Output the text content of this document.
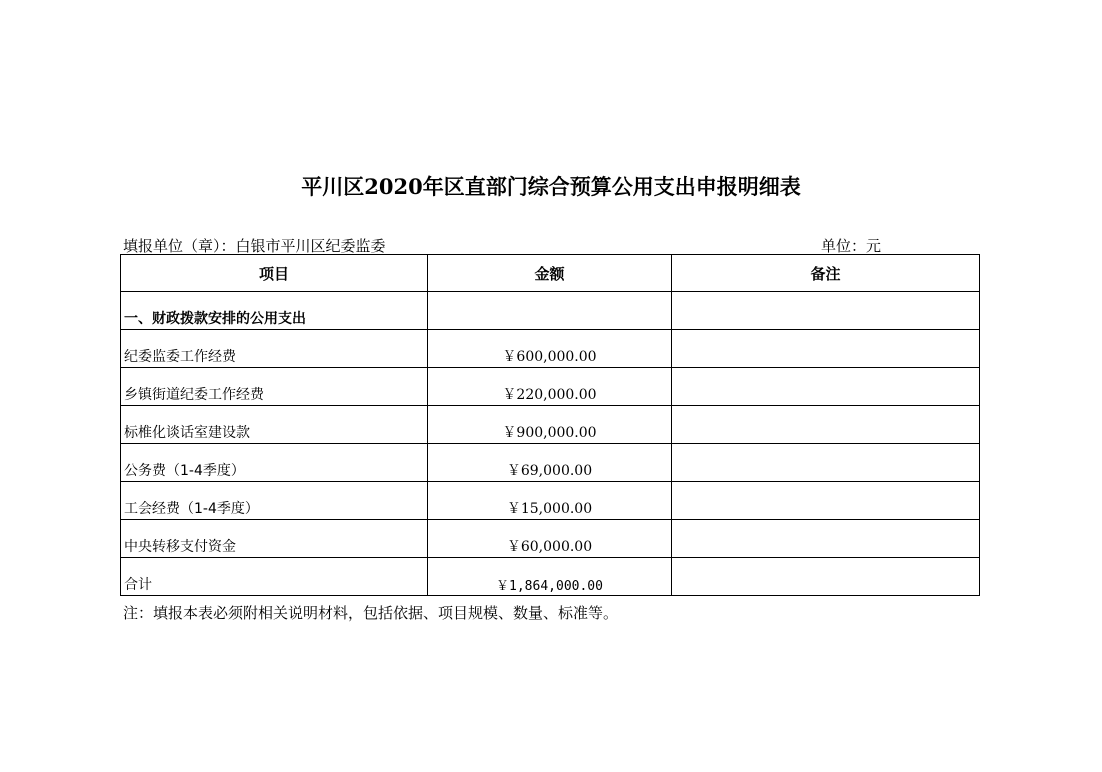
平川区2020年区直部门综合预算公用支出申报明细表
填报单位（章）：白银市平川区纪委监委	单位：元
项目	金额	备注
一、财政拨款安排的公用支出		
纪委监委工作经费	￥600,000.00	
乡镇街道纪委工作经费	￥220,000.00	
标椎化谈话室建设款	￥900,000.00	
公务费（1-4季度）	￥69,000.00	
工会经费（1-4季度）	￥15,000.00	
中央转移支付资金	￥60,000.00	
合计	￥1,864,000.00	
注：填报本表必须附相关说明材料，包括依据、项目规模、数量、标准等。
